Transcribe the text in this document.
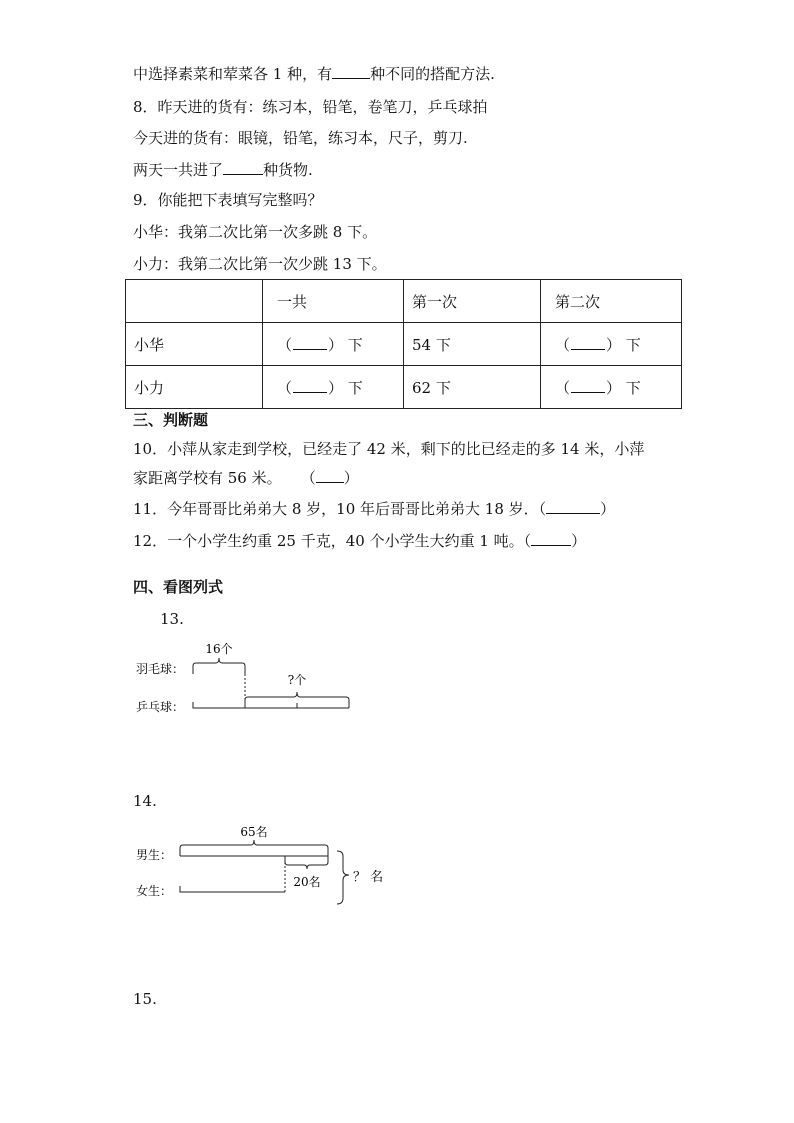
中选择素菜和荤菜各 1 种，有	种不同的搭配方法.
8．昨天进的货有：练习本，铅笔，卷笔刀，乒乓球拍
今天进的货有：眼镜，铅笔，练习本，尺子，剪刀.
两天一共进了	种货物.
9．你能把下表填写完整吗？
小华：我第二次比第一次多跳 8 下。
小力：我第二次比第一次少跳 13 下。
	一共	第一次	第二次
小华	（ ） 下	54 下	（ ） 下
小力	（ ） 下	62 下	（ ） 下
三、判断题
10．小萍从家走到学校，已经走了 42 米，剩下的比已经走的多 14 米，小萍
家距离学校有 56 米。    （ ）
11．今年哥哥比弟弟大 8 岁，10 年后哥哥比弟弟大 18 岁．（	）
12．一个小学生约重 25 千克，40 个小学生大约重 1 吨。（	）
四、看图列式
13.
羽毛球：
乒乓球：
16个
?个
14.
男生：
女生：
65名
20名 ？ 名
15.
